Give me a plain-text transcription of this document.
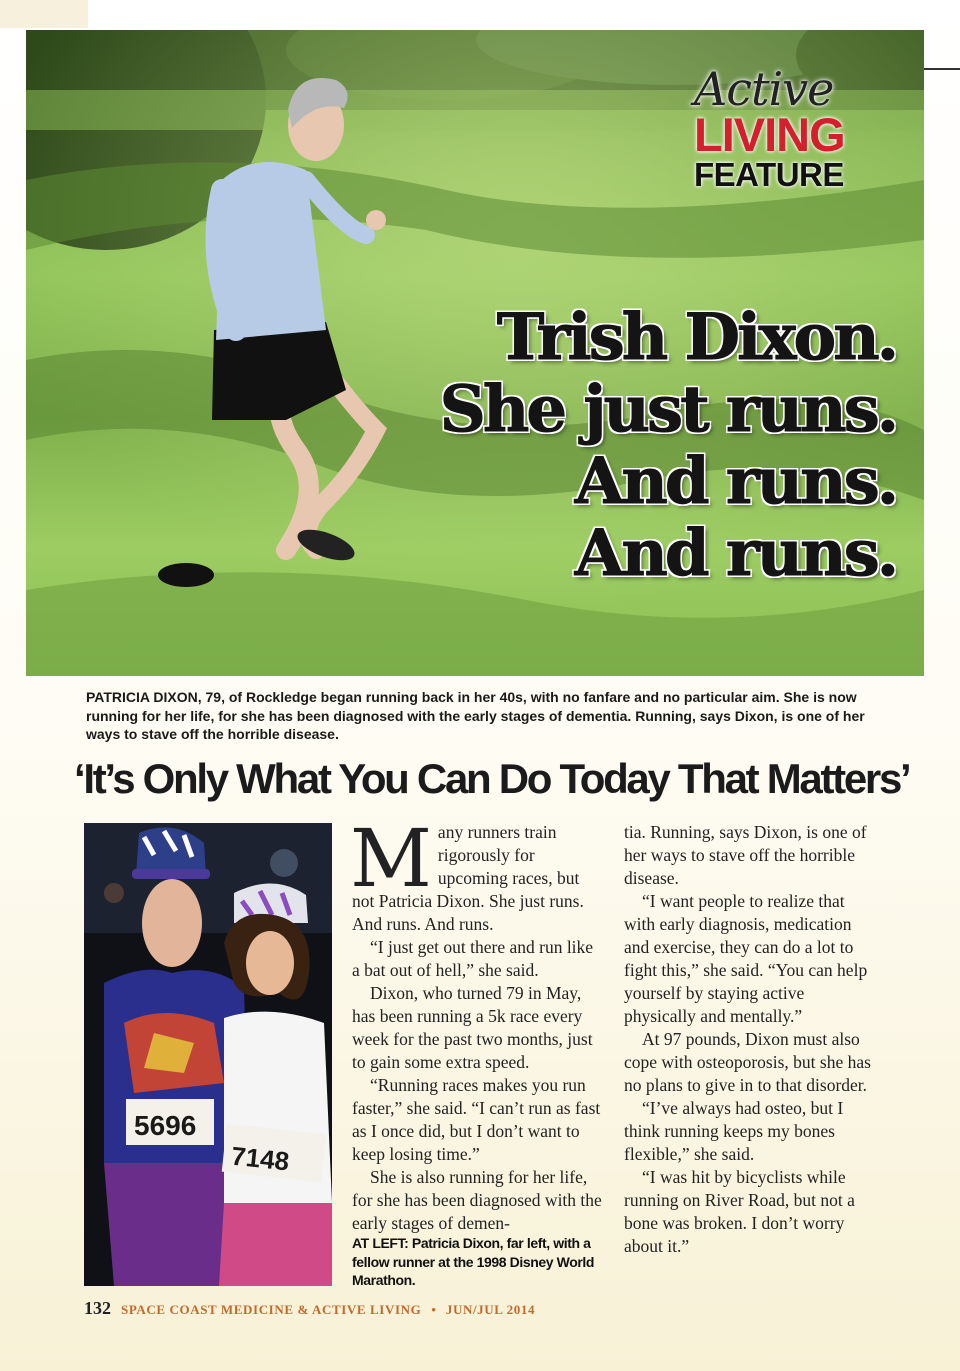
Active
LIVING
FEATURE
Trish Dixon.
She just runs.
And runs.
And runs.
PATRICIA DIXON, 79, of Rockledge began running back in her 40s, with no fanfare and no particular aim. She is now running for her life, for she has been diagnosed with the early stages of dementia. Running, says Dixon, is one of her ways to stave off the horrible disease.
‘It’s Only What You Can Do Today That Matters’
5696
7148

Many runners train rigorously for upcoming races, but not Patricia Dixon. She just runs. And runs. And runs.

“I just get out there and run like a bat out of hell,” she said.

Dixon, who turned 79 in May, has been running a 5k race every week for the past two months, just to gain some extra speed.

“Running races makes you run faster,” she said. “I can’t run as fast as I once did, but I don’t want to keep losing time.”

She is also running for her life, for she has been diagnosed with the early stages of demen-

AT LEFT: Patricia Dixon, far left, with a fellow runner at the 1998 Disney World Marathon.

tia. Running, says Dixon, is one of her ways to stave off the horrible disease.

“I want people to realize that with early diagnosis, medication and exercise, they can do a lot to fight this,” she said. “You can help yourself by staying active physically and mentally.”

At 97 pounds, Dixon must also cope with osteoporosis, but she has no plans to give in to that disorder.

“I’ve always had osteo, but I think running keeps my bones flexible,” she said.

“I was hit by bicyclists while running on River Road, but not a bone was broken. I don’t worry about it.”

132 SPACE COAST MEDICINE & ACTIVE LIVING • JUN/JUL 2014
